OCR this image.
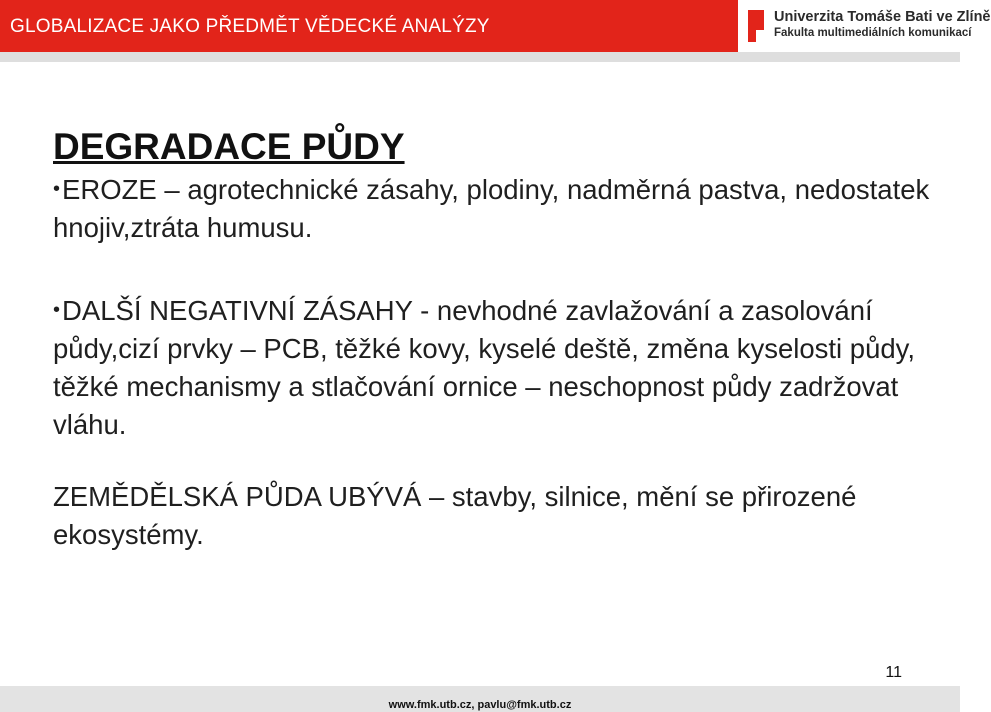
GLOBALIZACE JAKO PŘEDMĚT VĚDECKÉ ANALÝZY	Univerzita Tomáše Bati ve Zlíně
Fakulta multimediálních komunikací
DEGRADACE PŮDY

•EROZE – agrotechnické zásahy, plodiny, nadměrná pastva, nedostatek hnojiv,ztráta humusu.

•DALŠÍ NEGATIVNÍ ZÁSAHY - nevhodné zavlažování a zasolování půdy,cizí prvky – PCB, těžké kovy, kyselé deště, změna kyselosti půdy, těžké mechanismy a stlačování ornice – neschopnost půdy zadržovat vláhu.

ZEMĚDĚLSKÁ PŮDA UBÝVÁ – stavby, silnice, mění se přirozené ekosystémy.

11
www.fmk.utb.cz, pavlu@fmk.utb.cz
